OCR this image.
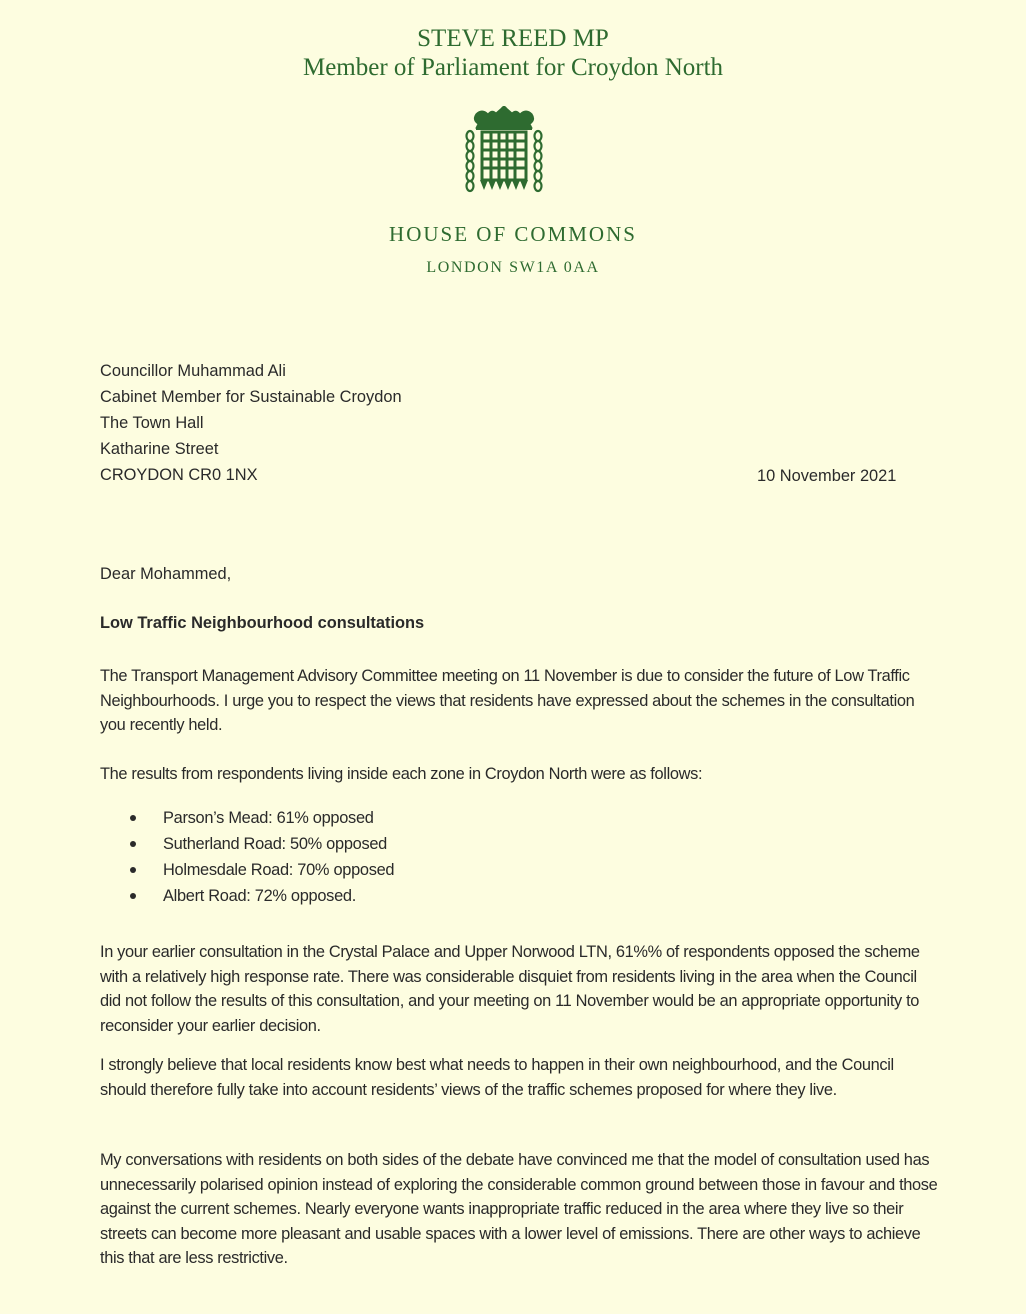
STEVE REED MP
Member of Parliament for Croydon North
HOUSE OF COMMONS
LONDON SW1A 0AA
Councillor Muhammad Ali
Cabinet Member for Sustainable Croydon
The Town Hall
Katharine Street
CROYDON CR0 1NX	10 November 2021
Dear Mohammed,
Low Traffic Neighbourhood consultations
The Transport Management Advisory Committee meeting on 11 November is due to consider the future of Low Traffic Neighbourhoods. I urge you to respect the views that residents have expressed about the schemes in the consultation you recently held.
The results from respondents living inside each zone in Croydon North were as follows:
Parson’s Mead: 61% opposed
Sutherland Road: 50% opposed
Holmesdale Road: 70% opposed
Albert Road: 72% opposed.
In your earlier consultation in the Crystal Palace and Upper Norwood LTN, 61%% of respondents opposed the scheme with a relatively high response rate. There was considerable disquiet from residents living in the area when the Council did not follow the results of this consultation, and your meeting on 11 November would be an appropriate opportunity to reconsider your earlier decision.
I strongly believe that local residents know best what needs to happen in their own neighbourhood, and the Council should therefore fully take into account residents’ views of the traffic schemes proposed for where they live.
My conversations with residents on both sides of the debate have convinced me that the model of consultation used has unnecessarily polarised opinion instead of exploring the considerable common ground between those in favour and those against the current schemes. Nearly everyone wants inappropriate traffic reduced in the area where they live so their streets can become more pleasant and usable spaces with a lower level of emissions. There are other ways to achieve this that are less restrictive.
